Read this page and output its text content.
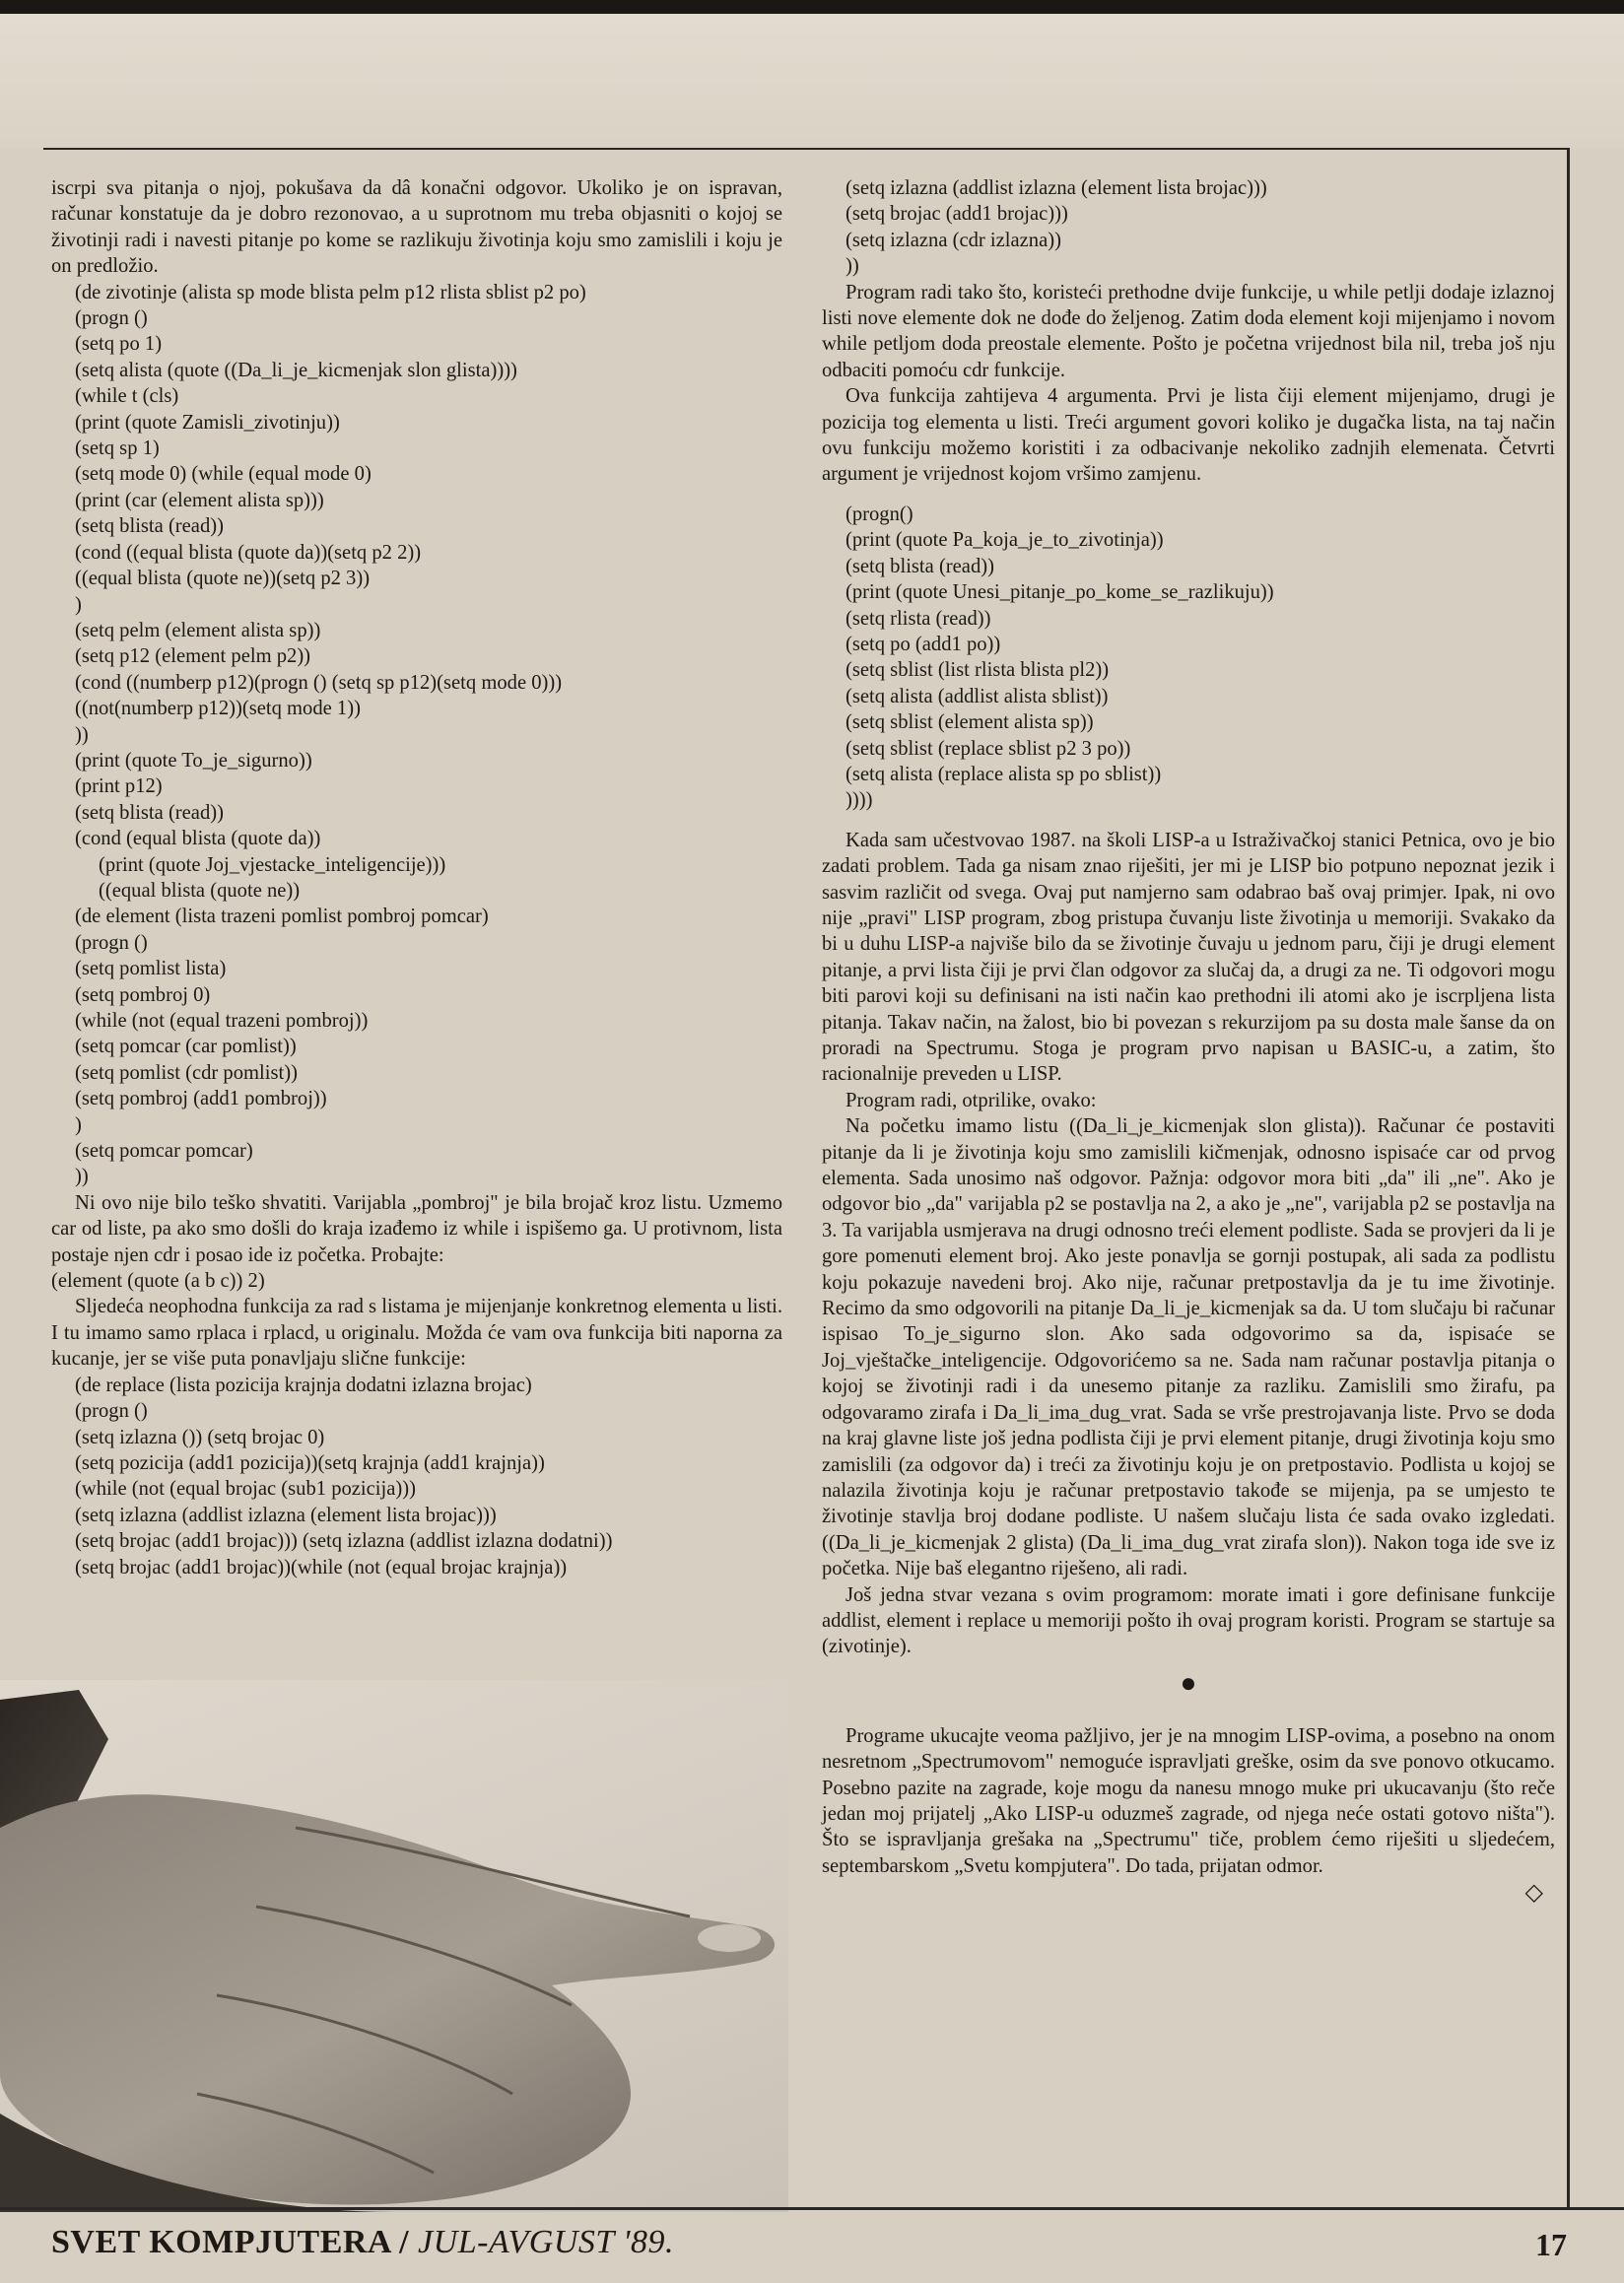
iscrpi sva pitanja o njoj, pokušava da dâ konačni odgovor. Ukoliko je on ispravan, računar konstatuje da je dobro rezonovao, a u suprotnom mu treba objasniti o kojoj se životinji radi i navesti pitanje po kome se razlikuju životinja koju smo zamislili i koju je on predložio.

(de zivotinje (alista sp mode blista pelm p12 rlista sblist p2 po)

(progn ()

(setq po 1)

(setq alista (quote ((Da_li_je_kicmenjak slon glista))))

(while t (cls)

(print (quote Zamisli_zivotinju))

(setq sp 1)

(setq mode 0) (while (equal mode 0)

(print (car (element alista sp)))

(setq blista (read))

(cond ((equal blista (quote da))(setq p2 2))

((equal blista (quote ne))(setq p2 3))

)

(setq pelm (element alista sp))

(setq p12 (element pelm p2))

(cond ((numberp p12)(progn () (setq sp p12)(setq mode 0)))

((not(numberp p12))(setq mode 1))

))

(print (quote To_je_sigurno))

(print p12)

(setq blista (read))

(cond (equal blista (quote da))

(print (quote Joj_vjestacke_inteligencije)))

((equal blista (quote ne))

(de element (lista trazeni pomlist pombroj pomcar)

(progn ()

(setq pomlist lista)

(setq pombroj 0)

(while (not (equal trazeni pombroj))

(setq pomcar (car pomlist))

(setq pomlist (cdr pomlist))

(setq pombroj (add1 pombroj))

)

(setq pomcar pomcar)

))

Ni ovo nije bilo teško shvatiti. Varijabla „pombroj" je bila brojač kroz listu. Uzmemo car od liste, pa ako smo došli do kraja izađemo iz while i ispišemo ga. U protivnom, lista postaje njen cdr i posao ide iz početka. Probajte:

(element (quote (a b c)) 2)

Sljedeća neophodna funkcija za rad s listama je mijenjanje konkretnog elementa u listi. I tu imamo samo rplaca i rplacd, u originalu. Možda će vam ova funkcija biti naporna za kucanje, jer se više puta ponavljaju slične funkcije:

(de replace (lista pozicija krajnja dodatni izlazna brojac)

(progn ()

(setq izlazna ()) (setq brojac 0)

(setq pozicija (add1 pozicija))(setq krajnja (add1 krajnja))

(while (not (equal brojac (sub1 pozicija)))

(setq izlazna (addlist izlazna (element lista brojac)))

(setq brojac (add1 brojac))) (setq izlazna (addlist izlazna dodatni))

(setq brojac (add1 brojac))(while (not (equal brojac krajnja))

(setq izlazna (addlist izlazna (element lista brojac)))

(setq brojac (add1 brojac)))

(setq izlazna (cdr izlazna))

))

Program radi tako što, koristeći prethodne dvije funkcije, u while petlji dodaje izlaznoj listi nove elemente dok ne dođe do željenog. Zatim doda element koji mijenjamo i novom while petljom doda preostale elemente. Pošto je početna vrijednost bila nil, treba još nju odbaciti pomoću cdr funkcije.

Ova funkcija zahtijeva 4 argumenta. Prvi je lista čiji element mijenjamo, drugi je pozicija tog elementa u listi. Treći argument govori koliko je dugačka lista, na taj način ovu funkciju možemo koristiti i za odbacivanje nekoliko zadnjih elemenata. Četvrti argument je vrijednost kojom vršimo zamjenu.

(progn()

(print (quote Pa_koja_je_to_zivotinja))

(setq blista (read))

(print (quote Unesi_pitanje_po_kome_se_razlikuju))

(setq rlista (read))

(setq po (add1 po))

(setq sblist (list rlista blista pl2))

(setq alista (addlist alista sblist))

(setq sblist (element alista sp))

(setq sblist (replace sblist p2 3 po))

(setq alista (replace alista sp po sblist))

))))

Kada sam učestvovao 1987. na školi LISP-a u Istraživačkoj stanici Petnica, ovo je bio zadati problem. Tada ga nisam znao riješiti, jer mi je LISP bio potpuno nepoznat jezik i sasvim različit od svega. Ovaj put namjerno sam odabrao baš ovaj primjer. Ipak, ni ovo nije „pravi" LISP program, zbog pristupa čuvanju liste životinja u memoriji. Svakako da bi u duhu LISP-a najviše bilo da se životinje čuvaju u jednom paru, čiji je drugi element pitanje, a prvi lista čiji je prvi član odgovor za slučaj da, a drugi za ne. Ti odgovori mogu biti parovi koji su definisani na isti način kao prethodni ili atomi ako je iscrpljena lista pitanja. Takav način, na žalost, bio bi povezan s rekurzijom pa su dosta male šanse da on proradi na Spectrumu. Stoga je program prvo napisan u BASIC-u, a zatim, što racionalnije preveden u LISP.

Program radi, otprilike, ovako:

Na početku imamo listu ((Da_li_je_kicmenjak slon glista)). Računar će postaviti pitanje da li je životinja koju smo zamislili kičmenjak, odnosno ispisaće car od prvog elementa. Sada unosimo naš odgovor. Pažnja: odgovor mora biti „da" ili „ne". Ako je odgovor bio „da" varijabla p2 se postavlja na 2, a ako je „ne", varijabla p2 se postavlja na 3. Ta varijabla usmjerava na drugi odnosno treći element podliste. Sada se provjeri da li je gore pomenuti element broj. Ako jeste ponavlja se gornji postupak, ali sada za podlistu koju pokazuje navedeni broj. Ako nije, računar pretpostavlja da je tu ime životinje. Recimo da smo odgovorili na pitanje Da_li_je_kicmenjak sa da. U tom slučaju bi računar ispisao To_je_sigurno slon. Ako sada odgovorimo sa da, ispisaće se Joj_vještačke_inteligencije. Odgovorićemo sa ne. Sada nam računar postavlja pitanja o kojoj se životinji radi i da unesemo pitanje za razliku. Zamislili smo žirafu, pa odgovaramo zirafa i Da_li_ima_dug_vrat. Sada se vrše prestrojavanja liste. Prvo se doda na kraj glavne liste još jedna podlista čiji je prvi element pitanje, drugi životinja koju smo zamislili (za odgovor da) i treći za životinju koju je on pretpostavio. Podlista u kojoj se nalazila životinja koju je računar pretpostavio takođe se mijenja, pa se umjesto te životinje stavlja broj dodane podliste. U našem slučaju lista će sada ovako izgledati. ((Da_li_je_kicmenjak 2 glista) (Da_li_ima_dug_vrat zirafa slon)). Nakon toga ide sve iz početka. Nije baš elegantno riješeno, ali radi.

Još jedna stvar vezana s ovim programom: morate imati i gore definisane funkcije addlist, element i replace u memoriji pošto ih ovaj program koristi. Program se startuje sa (zivotinje).

●

Programe ukucajte veoma pažljivo, jer je na mnogim LISP-ovima, a posebno na onom nesretnom „Spectrumovom" nemoguće ispravljati greške, osim da sve ponovo otkucamo. Posebno pazite na zagrade, koje mogu da nanesu mnogo muke pri ukucavanju (što reče jedan moj prijatelj „Ako LISP-u oduzmeš zagrade, od njega neće ostati gotovo ništa"). Što se ispravljanja grešaka na „Spectrumu" tiče, problem ćemo riješiti u sljedećem, septembarskom „Svetu kompjutera". Do tada, prijatan odmor.

◇
SVET KOMPJUTERA / JUL-AVGUST '89.	17
